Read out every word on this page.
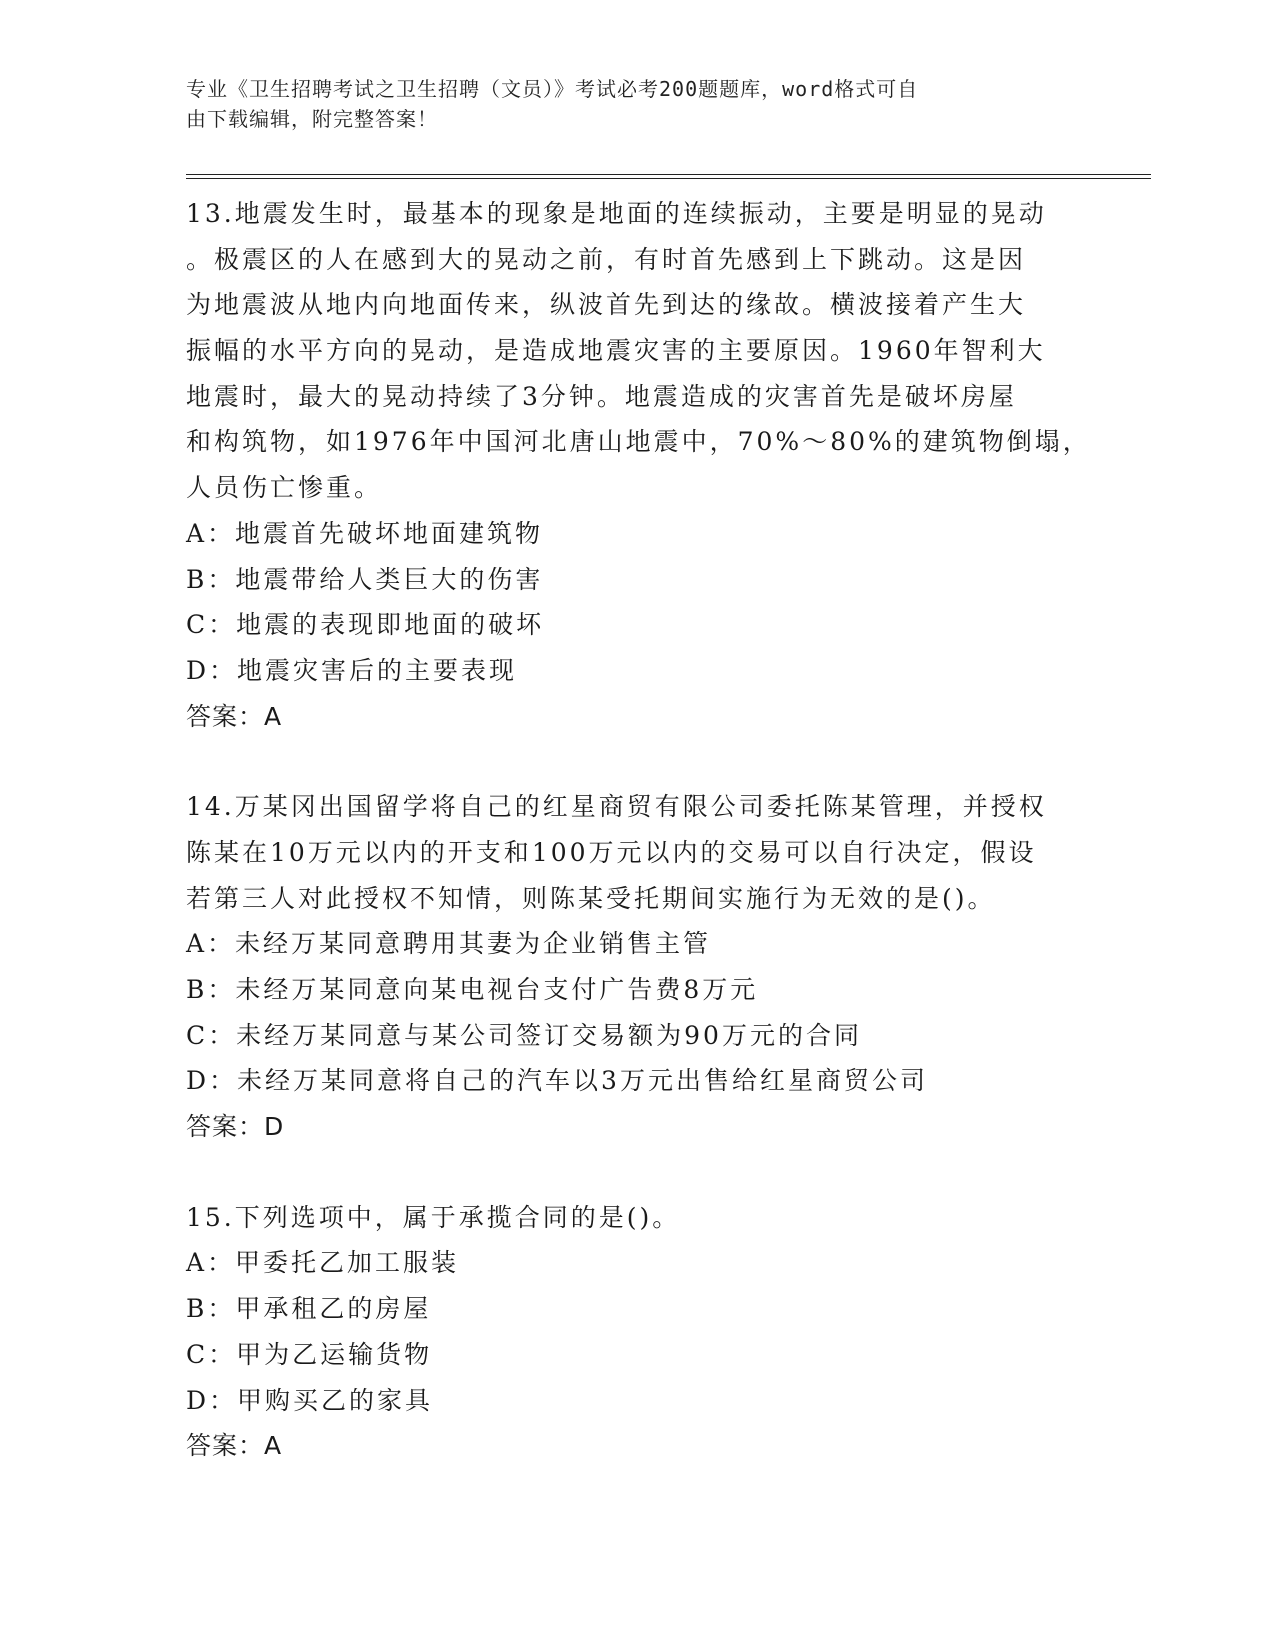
专业《卫生招聘考试之卫生招聘（文员）》考试必考200题题库，word格式可自
由下载编辑，附完整答案！
13.地震发生时，最基本的现象是地面的连续振动，主要是明显的晃动
。极震区的人在感到大的晃动之前，有时首先感到上下跳动。这是因
为地震波从地内向地面传来，纵波首先到达的缘故。横波接着产生大
振幅的水平方向的晃动，是造成地震灾害的主要原因。1960年智利大
地震时，最大的晃动持续了3分钟。地震造成的灾害首先是破坏房屋
和构筑物，如1976年中国河北唐山地震中，70%～80%的建筑物倒塌，
人员伤亡惨重。
A：地震首先破坏地面建筑物
B：地震带给人类巨大的伤害
C：地震的表现即地面的破坏
D：地震灾害后的主要表现
答案：A
14.万某冈出国留学将自己的红星商贸有限公司委托陈某管理，并授权
陈某在10万元以内的开支和100万元以内的交易可以自行决定，假设
若第三人对此授权不知情，则陈某受托期间实施行为无效的是()。
A：未经万某同意聘用其妻为企业销售主管
B：未经万某同意向某电视台支付广告费8万元
C：未经万某同意与某公司签订交易额为90万元的合同
D：未经万某同意将自己的汽车以3万元出售给红星商贸公司
答案：D
15.下列选项中，属于承揽合同的是()。
A：甲委托乙加工服装
B：甲承租乙的房屋
C：甲为乙运输货物
D：甲购买乙的家具
答案：A
